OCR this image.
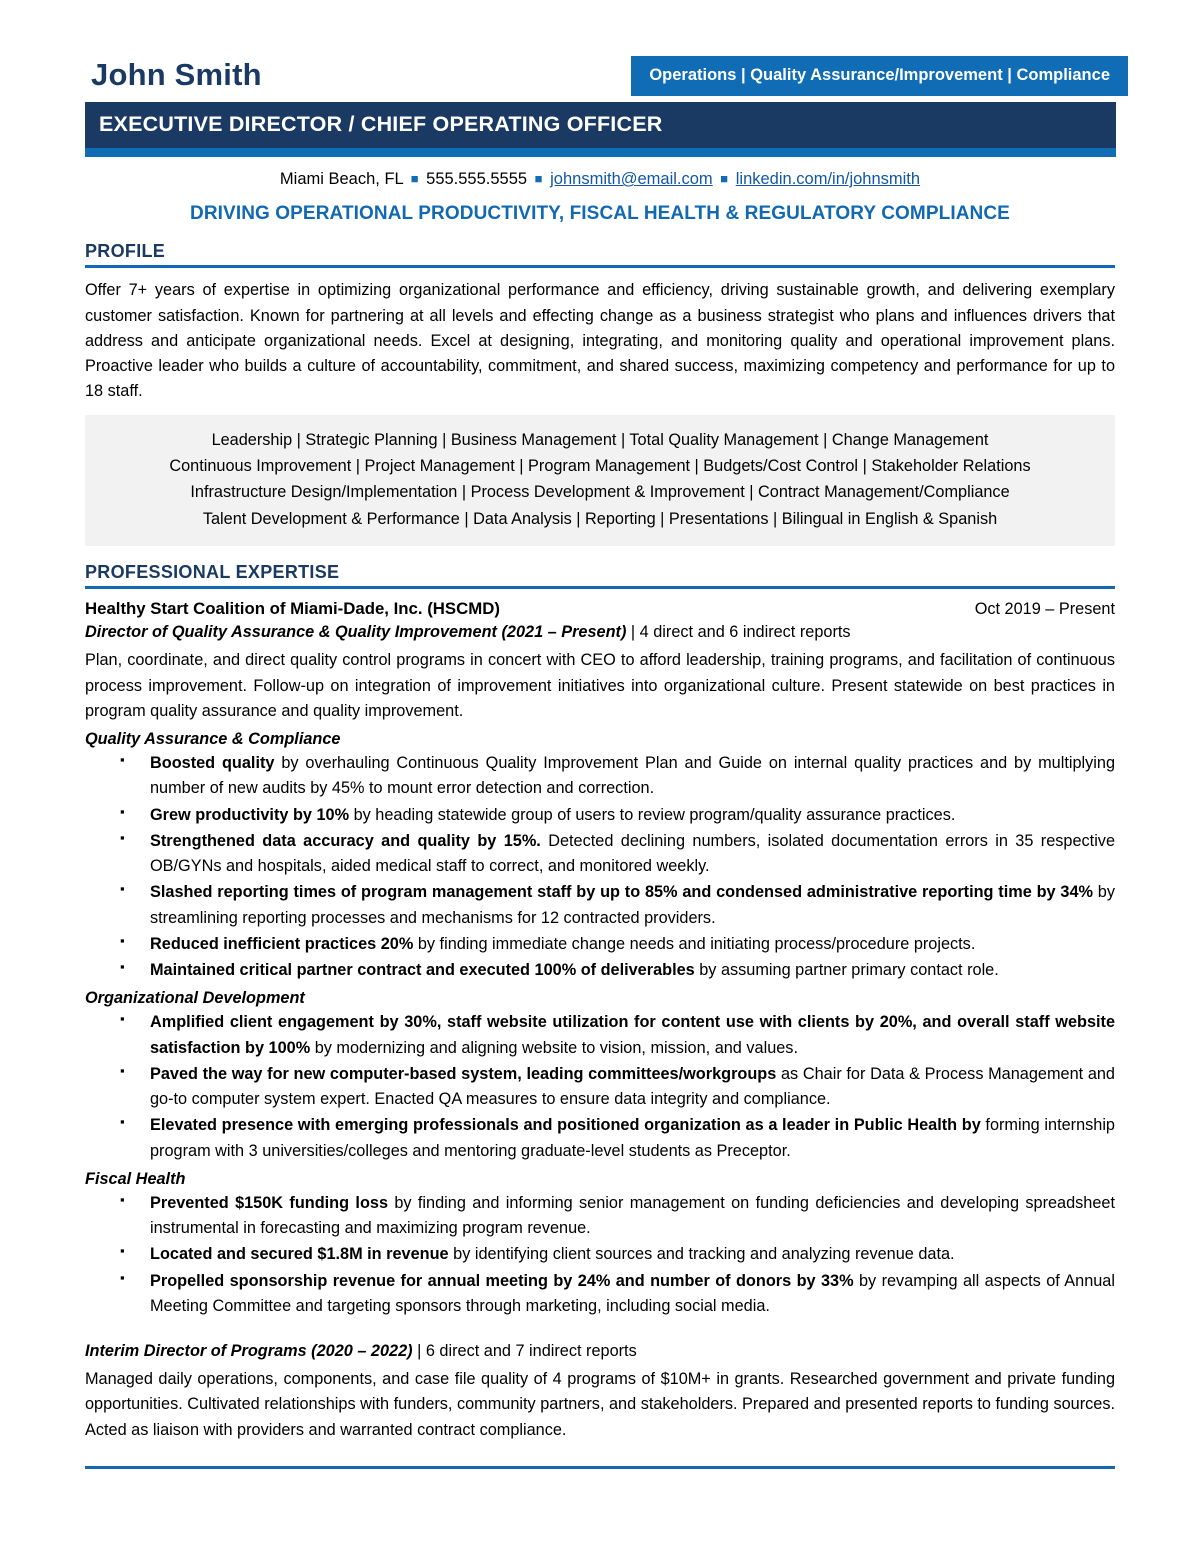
John Smith	Operations | Quality Assurance/Improvement | Compliance
EXECUTIVE DIRECTOR / CHIEF OPERATING OFFICER
Miami Beach, FL ■ 555.555.5555 ■ johnsmith@email.com ■ linkedin.com/in/johnsmith
DRIVING OPERATIONAL PRODUCTIVITY, FISCAL HEALTH & REGULATORY COMPLIANCE
PROFILE

Offer 7+ years of expertise in optimizing organizational performance and efficiency, driving sustainable growth, and delivering exemplary customer satisfaction. Known for partnering at all levels and effecting change as a business strategist who plans and influences drivers that address and anticipate organizational needs. Excel at designing, integrating, and monitoring quality and operational improvement plans. Proactive leader who builds a culture of accountability, commitment, and shared success, maximizing competency and performance for up to 18 staff.

Leadership | Strategic Planning | Business Management | Total Quality Management | Change Management
Continuous Improvement | Project Management | Program Management | Budgets/Cost Control | Stakeholder Relations
Infrastructure Design/Implementation | Process Development & Improvement | Contract Management/Compliance
Talent Development & Performance | Data Analysis | Reporting | Presentations | Bilingual in English & Spanish
PROFESSIONAL EXPERTISE
Healthy Start Coalition of Miami-Dade, Inc. (HSCMD)	Oct 2019 – Present
Director of Quality Assurance & Quality Improvement (2021 – Present) | 4 direct and 6 indirect reports

Plan, coordinate, and direct quality control programs in concert with CEO to afford leadership, training programs, and facilitation of continuous process improvement. Follow-up on integration of improvement initiatives into organizational culture. Present statewide on best practices in program quality assurance and quality improvement.

Quality Assurance & Compliance
▪ Boosted quality by overhauling Continuous Quality Improvement Plan and Guide on internal quality practices and by multiplying number of new audits by 45% to mount error detection and correction.
▪ Grew productivity by 10% by heading statewide group of users to review program/quality assurance practices.
▪ Strengthened data accuracy and quality by 15%. Detected declining numbers, isolated documentation errors in 35 respective OB/GYNs and hospitals, aided medical staff to correct, and monitored weekly.
▪ Slashed reporting times of program management staff by up to 85% and condensed administrative reporting time by 34% by streamlining reporting processes and mechanisms for 12 contracted providers.
▪ Reduced inefficient practices 20% by finding immediate change needs and initiating process/procedure projects.
▪ Maintained critical partner contract and executed 100% of deliverables by assuming partner primary contact role.
Organizational Development
▪ Amplified client engagement by 30%, staff website utilization for content use with clients by 20%, and overall staff website satisfaction by 100% by modernizing and aligning website to vision, mission, and values.
▪ Paved the way for new computer-based system, leading committees/workgroups as Chair for Data & Process Management and go-to computer system expert. Enacted QA measures to ensure data integrity and compliance.
▪ Elevated presence with emerging professionals and positioned organization as a leader in Public Health by forming internship program with 3 universities/colleges and mentoring graduate-level students as Preceptor.
Fiscal Health
▪ Prevented $150K funding loss by finding and informing senior management on funding deficiencies and developing spreadsheet instrumental in forecasting and maximizing program revenue.
▪ Located and secured $1.8M in revenue by identifying client sources and tracking and analyzing revenue data.
▪ Propelled sponsorship revenue for annual meeting by 24% and number of donors by 33% by revamping all aspects of Annual Meeting Committee and targeting sponsors through marketing, including social media.
Interim Director of Programs (2020 – 2022) | 6 direct and 7 indirect reports

Managed daily operations, components, and case file quality of 4 programs of $10M+ in grants. Researched government and private funding opportunities. Cultivated relationships with funders, community partners, and stakeholders. Prepared and presented reports to funding sources. Acted as liaison with providers and warranted contract compliance.
